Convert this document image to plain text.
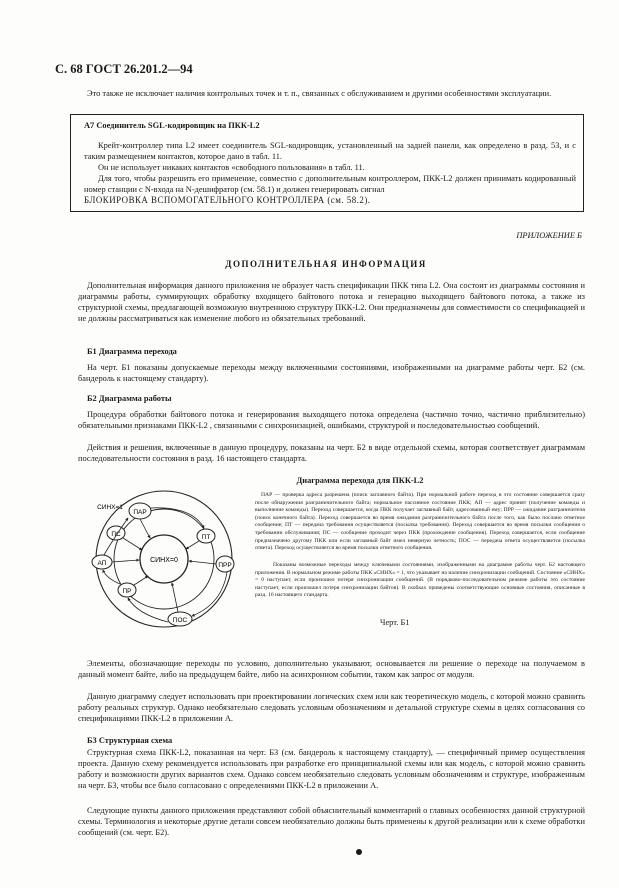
С. 68 ГОСТ 26.201.2—94
Это также не исключает наличия контрольных точек и т. п., связанных с обслуживанием и другими особенностями эксплуатации.
А7 Соединитель SGL-кодировщик на ПКК-L2
Крейт-контроллер типа L2 имеет соединитель SGL-кодировщик, установленный на задней панели, как определено в разд. 53, и с таким размещением контактов, которое дано в табл. 11.
Он не использует никаких контактов «свободного пользования» в табл. 11.
Для того, чтобы разрешить его применение, совместно с дополнительным контроллером, ПКК-L2 должен принимать кодированный номер станции с N-входа на N-дешифратор (см. 58.1) и должен генерировать сигнал
БЛОКИРОВКА ВСПОМОГАТЕЛЬНОГО КОНТРОЛЛЕРА (см. 58.2).
ПРИЛОЖЕНИЕ Б
ДОПОЛНИТЕЛЬНАЯ ИНФОРМАЦИЯ
Дополнительная информация данного приложения не образует часть спецификации ПКК типа L2. Она состоит из диаграммы состояния и диаграммы работы, суммирующих обработку входящего байтового потока и генерацию выходящего байтового потока, а также из структурной схемы, предлагающей возможную внутреннюю структуру ПКК-L2. Они предназначены для совместимости со спецификацией и не должны рассматриваться как изменение любого из обязательных требований.
Б1 Диаграмма перехода
На черт. Б1 показаны допускаемые переходы между включенными состояниями, изображенными на диаграмме работы черт. Б2 (см. бандероль к настоящему стандарту).
Б2 Диаграмма работы
Процедура обработки байтового потока и генерирования выходящего потока определена (частично точно, частично приблизительно) обязательными признаками ПКК-L2 , связанными с синхронизацией, ошибками, структурой и последовательностью сообщений.
Действия и решения, включенные в данную процедуру, показаны на черт. Б2 в виде отдельной схемы, которая соответствует диаграммам последовательности состояния в разд. 16 настоящего стандарта.
Диаграмма перехода для ПКК-L2
СИНХ=0
СИНХ=1
ПАР
ПС	ПТ
АП	ПРР
ПР
ПОС
ПАР — проверка адреса разрешена (поиск заглавного байта). При нормальной работе переход в это состояние совершается сразу после обнаружения разграничительного байта; нормальное пассивное состояние ПКК; АП — адрес принят (получение команды и выполнение команды). Переход совершается, когда ПКК получает заглавный байт, адресованный ему; ПРР — ожидание разграничителя (поиск конечного байта). Переход совершается во время ожидания разграничительного байта после того, как было послано ответное сообщение; ПТ — передача требования осуществляется (посылка требования). Переход совершается во время посылки сообщения о требовании обслуживания; ПС — сообщение проходит через ПКК (прохождение сообщения). Переход совершается, если сообщение предназначено другому ПКК или если заглавный байт имел неверную четность; ПОС — передача ответа осуществляется (посылка ответа). Переход осуществляется во время посылки ответного сообщения.
Показаны возможные переходы между ключевыми состояниями, изображенными на диаграмме работы черт. Б2 настоящего приложения. В нормальном режиме работы ПКК «СИНХ» = 1, что указывает на наличие синхронизации сообщений. Состояние «СИНХ» = 0 наступает, если произошел потеря синхронизации сообщений. (В порядково-последовательном режиме работы это состояние наступает, если произошел потеря синхронизации байтов). В скобках приведены соответствующие основные состояния, описанные в разд. 16 настоящего стандарта.
Черт. Б1
Элементы, обозначающие переходы по условию, дополнительно указывают, основывается ли решение о переходе на получаемом в данный момент байте, либо на предыдущем байте, либо на асинхронном событии, таком как запрос от модуля.
Данную диаграмму следует использовать при проектировании логических схем или как теоретическую модель, с которой можно сравнить работу реальных структур. Однако необязательно следовать условным обозначениям и детальной структуре схемы в целях согласования со спецификациями ПКК-L2 в приложении А.
Б3 Структурная схема
Структурная схема ПКК-L2, показанная на черт. Б3 (см. бандероль к настоящему стандарту), — специфичный пример осуществления проекта. Данную схему рекомендуется использовать при разработке его принципиальной схемы или как модель, с которой можно сравнить работу и возможности других вариантов схем. Однако совсем необязательно следовать условным обозначениям и структуре, изображенным на черт. Б3, чтобы все было согласовано с определениями ПКК-L2 в приложении А.
Следующие пункты данного приложения представляют собой объяснительный комментарий о главных особенностях данной структурной схемы. Терминология и некоторые другие детали совсем необязательно должны быть применены к другой реализации или к схеме обработки сообщений (см. черт. Б2).
